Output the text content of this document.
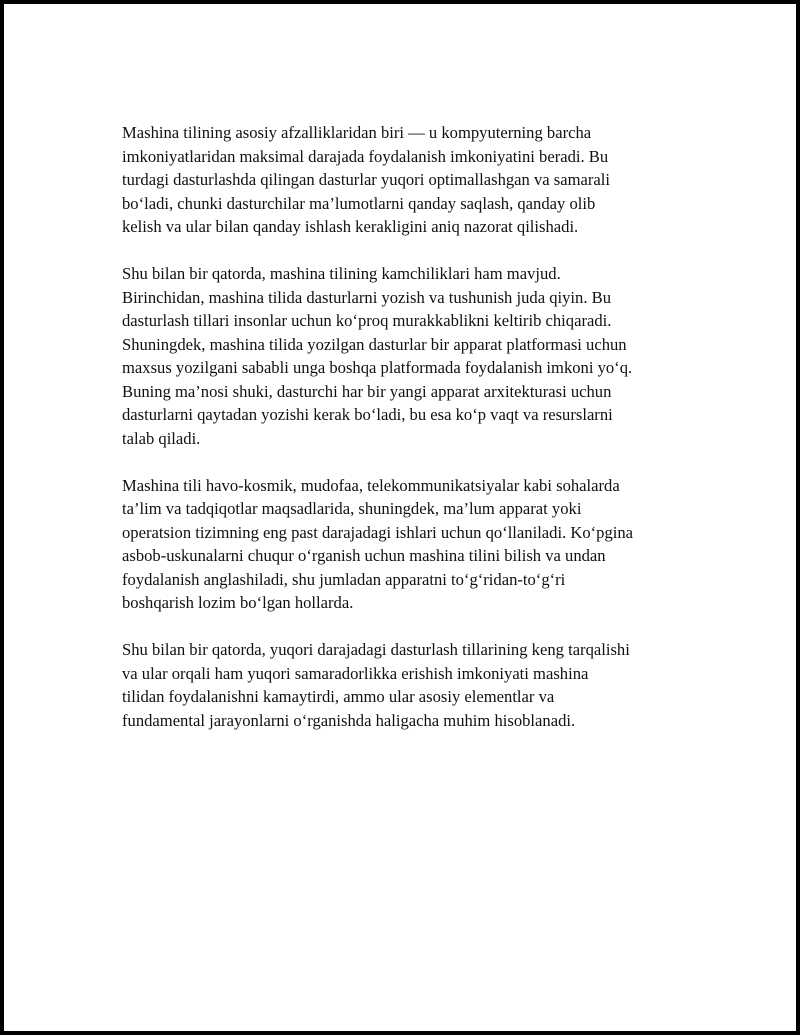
Mashina tilining asosiy afzalliklaridan biri — u kompyuterning barcha
imkoniyatlaridan maksimal darajada foydalanish imkoniyatini beradi. Bu
turdagi dasturlashda qilingan dasturlar yuqori optimallashgan va samarali
bo‘ladi, chunki dasturchilar ma’lumotlarni qanday saqlash, qanday olib
kelish va ular bilan qanday ishlash kerakligini aniq nazorat qilishadi.

Shu bilan bir qatorda, mashina tilining kamchiliklari ham mavjud.
Birinchidan, mashina tilida dasturlarni yozish va tushunish juda qiyin. Bu
dasturlash tillari insonlar uchun ko‘proq murakkablikni keltirib chiqaradi.
Shuningdek, mashina tilida yozilgan dasturlar bir apparat platformasi uchun
maxsus yozilgani sababli unga boshqa platformada foydalanish imkoni yo‘q.
Buning ma’nosi shuki, dasturchi har bir yangi apparat arxitekturasi uchun
dasturlarni qaytadan yozishi kerak bo‘ladi, bu esa ko‘p vaqt va resurslarni
talab qiladi.

Mashina tili havo-kosmik, mudofaa, telekommunikatsiyalar kabi sohalarda
ta’lim va tadqiqotlar maqsadlarida, shuningdek, ma’lum apparat yoki
operatsion tizimning eng past darajadagi ishlari uchun qo‘llaniladi. Ko‘pgina
asbob-uskunalarni chuqur o‘rganish uchun mashina tilini bilish va undan
foydalanish anglashiladi, shu jumladan apparatni to‘g‘ridan-to‘g‘ri
boshqarish lozim bo‘lgan hollarda.

Shu bilan bir qatorda, yuqori darajadagi dasturlash tillarining keng tarqalishi
va ular orqali ham yuqori samaradorlikka erishish imkoniyati mashina
tilidan foydalanishni kamaytirdi, ammo ular asosiy elementlar va
fundamental jarayonlarni o‘rganishda haligacha muhim hisoblanadi.
